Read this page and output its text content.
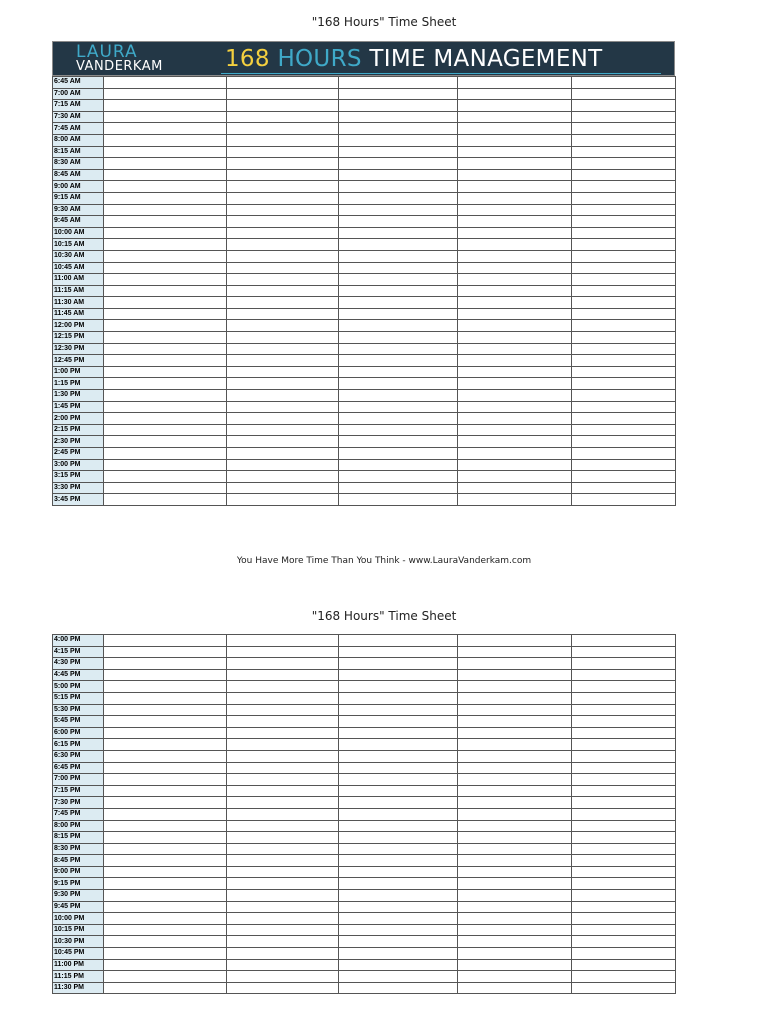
"168 Hours" Time Sheet
LAURA
VANDERKAM	168 HOURS TIME MANAGEMENT
6:45 AM					
7:00 AM					
7:15 AM					
7:30 AM					
7:45 AM					
8:00 AM					
8:15 AM					
8:30 AM					
8:45 AM					
9:00 AM					
9:15 AM					
9:30 AM					
9:45 AM					
10:00 AM					
10:15 AM					
10:30 AM					
10:45 AM					
11:00 AM					
11:15 AM					
11:30 AM					
11:45 AM					
12:00 PM					
12:15 PM					
12:30 PM					
12:45 PM					
1:00 PM					
1:15 PM					
1:30 PM					
1:45 PM					
2:00 PM					
2:15 PM					
2:30 PM					
2:45 PM					
3:00 PM					
3:15 PM					
3:30 PM					
3:45 PM					
You Have More Time Than You Think - www.LauraVanderkam.com
"168 Hours" Time Sheet
4:00 PM					
4:15 PM					
4:30 PM					
4:45 PM					
5:00 PM					
5:15 PM					
5:30 PM					
5:45 PM					
6:00 PM					
6:15 PM					
6:30 PM					
6:45 PM					
7:00 PM					
7:15 PM					
7:30 PM					
7:45 PM					
8:00 PM					
8:15 PM					
8:30 PM					
8:45 PM					
9:00 PM					
9:15 PM					
9:30 PM					
9:45 PM					
10:00 PM					
10:15 PM					
10:30 PM					
10:45 PM					
11:00 PM					
11:15 PM					
11:30 PM					
